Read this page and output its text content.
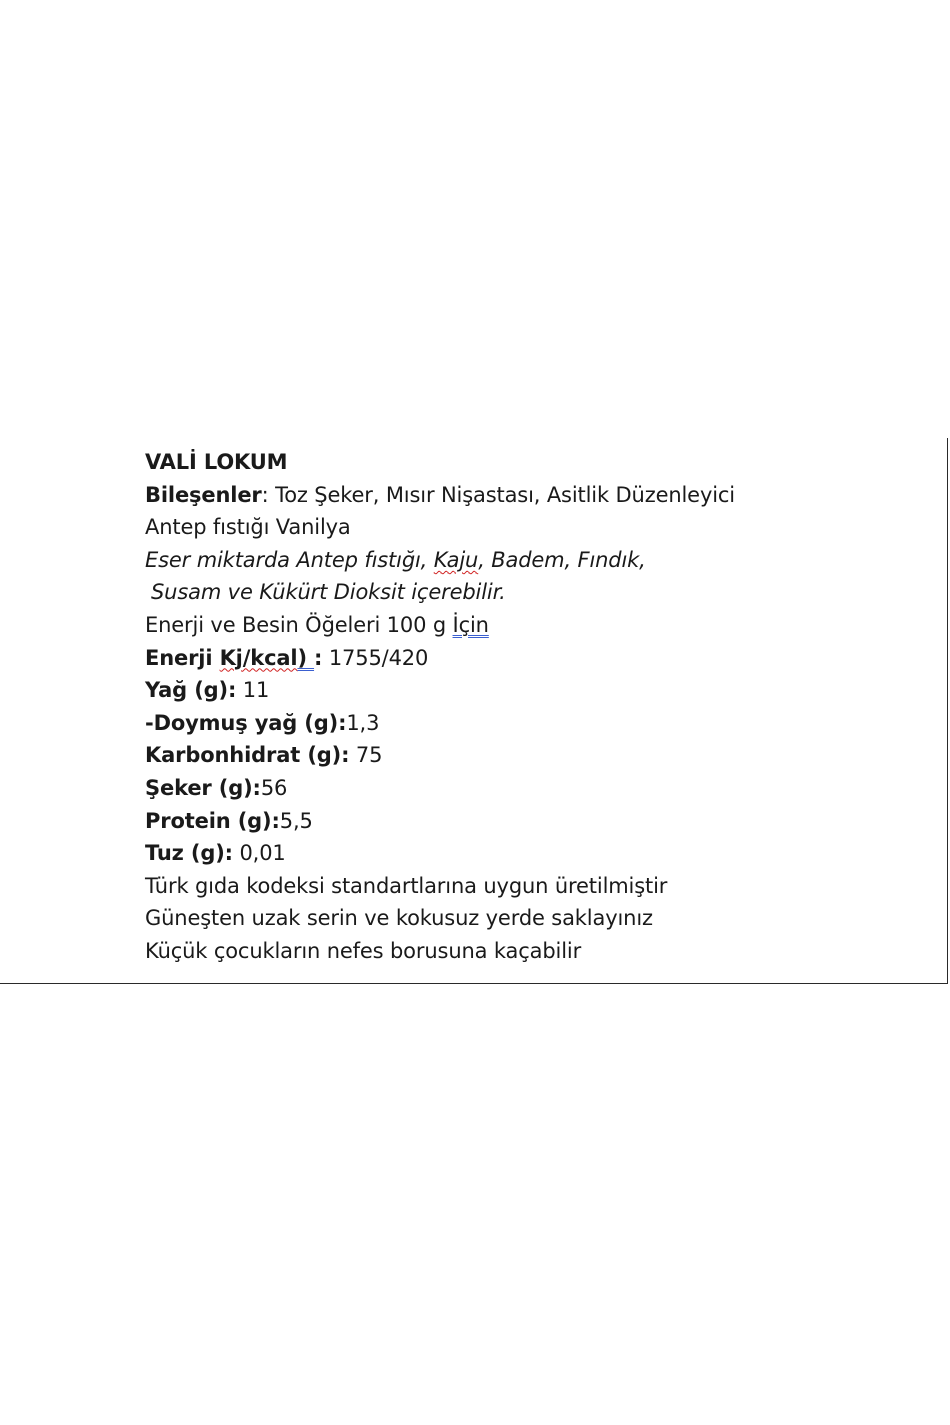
VALİ LOKUM
Bileşenler: Toz Şeker, Mısır Nişastası, Asitlik Düzenleyici
Antep fıstığı Vanilya
Eser miktarda Antep fıstığı, Kaju, Badem, Fındık,
Susam ve Kükürt Dioksit içerebilir.
Enerji ve Besin Öğeleri 100 g İçin
Enerji Kj/kcal) : 1755/420
Yağ (g): 11
-Doymuş yağ (g):1,3
Karbonhidrat (g): 75
Şeker (g):56
Protein (g):5,5
Tuz (g): 0,01
Türk gıda kodeksi standartlarına uygun üretilmiştir
Güneşten uzak serin ve kokusuz yerde saklayınız
Küçük çocukların nefes borusuna kaçabilir
